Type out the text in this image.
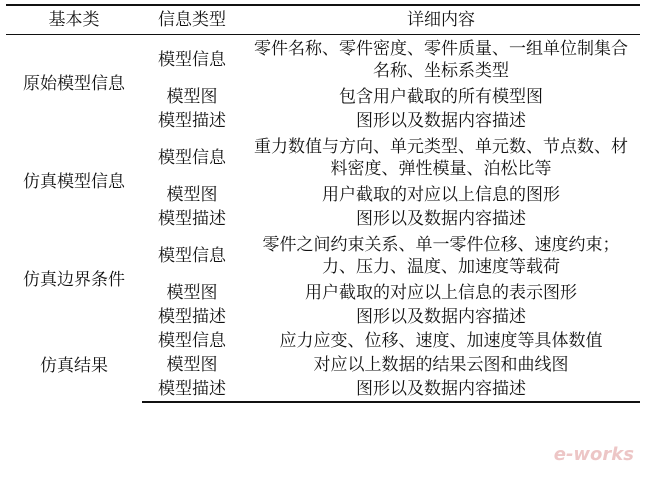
基本类	信息类型	详细内容
原始模型信息	模型信息	零件名称、零件密度、零件质量、一组单位制集合名称、坐标系类型
	模型图	包含用户截取的所有模型图
	模型描述	图形以及数据内容描述
仿真模型信息	模型信息	重力数值与方向、单元类型、单元数、节点数、材料密度、弹性模量、泊松比等
	模型图	用户截取的对应以上信息的图形
	模型描述	图形以及数据内容描述
仿真边界条件	模型信息	零件之间约束关系、单一零件位移、速度约束；力、压力、温度、加速度等载荷
	模型图	用户截取的对应以上信息的表示图形
	模型描述	图形以及数据内容描述
仿真结果	模型信息	应力应变、位移、速度、加速度等具体数值
	模型图	对应以上数据的结果云图和曲线图
	模型描述	图形以及数据内容描述
e-works
